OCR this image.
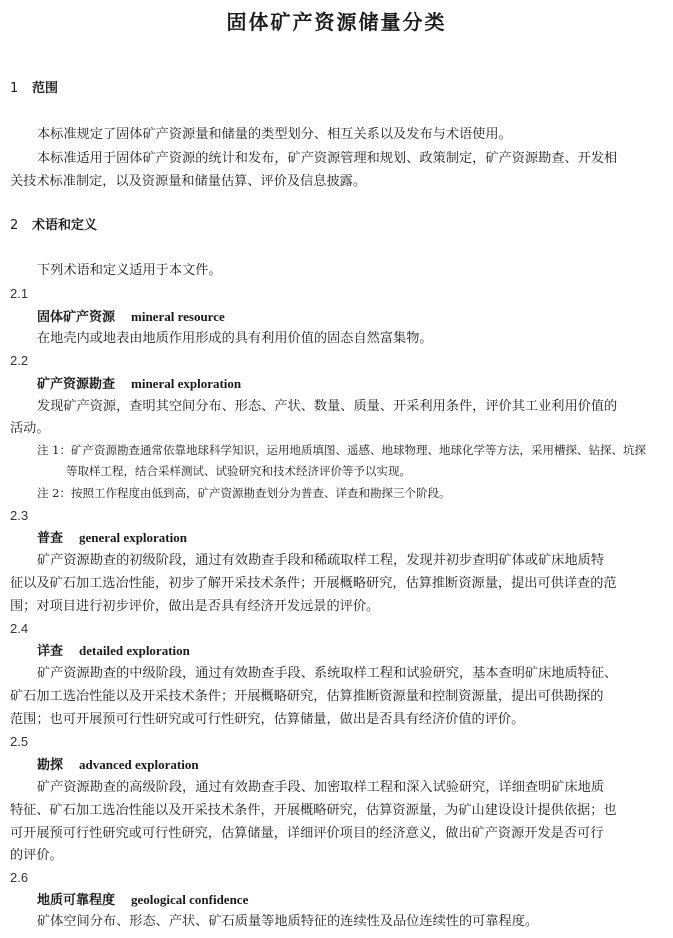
固体矿产资源储量分类
1 范围
本标准规定了固体矿产资源量和储量的类型划分、相互关系以及发布与术语使用。
本标准适用于固体矿产资源的统计和发布，矿产资源管理和规划、政策制定，矿产资源勘查、开发相
关技术标准制定，以及资源量和储量估算、评价及信息披露。
2 术语和定义
下列术语和定义适用于本文件。
2.1
固体矿产资源 mineral resource
在地壳内或地表由地质作用形成的具有利用价值的固态自然富集物。
2.2
矿产资源勘查 mineral exploration
发现矿产资源，查明其空间分布、形态、产状、数量、质量、开采利用条件，评价其工业利用价值的
活动。
注 1：矿产资源勘查通常依靠地球科学知识，运用地质填图、遥感、地球物理、地球化学等方法，采用槽探、钻探、坑探
等取样工程，结合采样测试、试验研究和技术经济评价等予以实现。
注 2：按照工作程度由低到高，矿产资源勘查划分为普查、详查和勘探三个阶段。
2.3
普查 general exploration
矿产资源勘查的初级阶段，通过有效勘查手段和稀疏取样工程，发现并初步查明矿体或矿床地质特
征以及矿石加工选冶性能，初步了解开采技术条件；开展概略研究，估算推断资源量，提出可供详查的范
围；对项目进行初步评价，做出是否具有经济开发远景的评价。
2.4
详查 detailed exploration
矿产资源勘查的中级阶段，通过有效勘查手段、系统取样工程和试验研究，基本查明矿床地质特征、
矿石加工选冶性能以及开采技术条件；开展概略研究，估算推断资源量和控制资源量，提出可供勘探的
范围；也可开展预可行性研究或可行性研究，估算储量，做出是否具有经济价值的评价。
2.5
勘探 advanced exploration
矿产资源勘查的高级阶段，通过有效勘查手段、加密取样工程和深入试验研究，详细查明矿床地质
特征、矿石加工选冶性能以及开采技术条件，开展概略研究，估算资源量，为矿山建设设计提供依据；也
可开展预可行性研究或可行性研究，估算储量，详细评价项目的经济意义，做出矿产资源开发是否可行
的评价。
2.6
地质可靠程度 geological confidence
矿体空间分布、形态、产状、矿石质量等地质特征的连续性及品位连续性的可靠程度。
